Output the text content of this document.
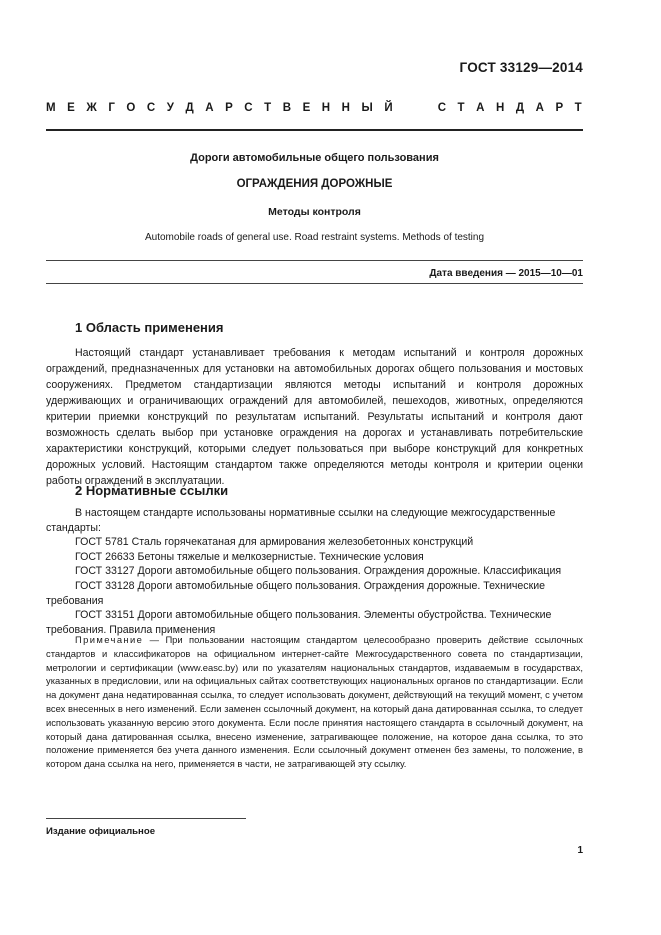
ГОСТ 33129—2014
М Е Ж Г О С У Д А Р С Т В Е Н Н Ы Й	С Т А Н Д А Р Т
Дороги автомобильные общего пользования
ОГРАЖДЕНИЯ ДОРОЖНЫЕ
Методы контроля
Automobile roads of general use. Road restraint systems. Methods of testing
Дата введения — 2015—10—01
1 Область применения

Настоящий стандарт устанавливает требования к методам испытаний и контроля дорожных ограждений, предназначенных для установки на автомобильных дорогах общего пользования и мостовых сооружениях. Предметом стандартизации являются методы испытаний и контроля дорожных удерживающих и ограничивающих ограждений для автомобилей, пешеходов, животных, определяются критерии приемки конструкций по результатам испытаний. Результаты испытаний и контроля дают возможность сделать выбор при установке ограждения на дорогах и устанавливать потребительские характеристики конструкций, которыми следует пользоваться при выборе конструкций для конкретных дорожных условий. Настоящим стандартом также определяются методы контроля и критерии оценки работы ограждений в эксплуатации.

2 Нормативные ссылки
В настоящем стандарте использованы нормативные ссылки на следующие межгосударственные стандарты:
ГОСТ 5781 Сталь горячекатаная для армирования железобетонных конструкций
ГОСТ 26633 Бетоны тяжелые и мелкозернистые. Технические условия
ГОСТ 33127 Дороги автомобильные общего пользования. Ограждения дорожные. Классификация
ГОСТ 33128 Дороги автомобильные общего пользования. Ограждения дорожные. Технические требования
ГОСТ 33151 Дороги автомобильные общего пользования. Элементы обустройства. Технические требования. Правила применения

Примечание — При пользовании настоящим стандартом целесообразно проверить действие ссылочных стандартов и классификаторов на официальном интернет-сайте Межгосударственного совета по стандартизации, метрологии и сертификации (www.easc.by) или по указателям национальных стандартов, издаваемым в государствах, указанных в предисловии, или на официальных сайтах соответствующих национальных органов по стандартизации. Если на документ дана недатированная ссылка, то следует использовать документ, действующий на текущий момент, с учетом всех внесенных в него изменений. Если заменен ссылочный документ, на который дана датированная ссылка, то следует использовать указанную версию этого документа. Если после принятия настоящего стандарта в ссылочный документ, на который дана датированная ссылка, внесено изменение, затрагивающее положение, на которое дана ссылка, то это положение применяется без учета данного изменения. Если ссылочный документ отменен без замены, то положение, в котором дана ссылка на него, применяется в части, не затрагивающей эту ссылку.

Издание официальное
1
